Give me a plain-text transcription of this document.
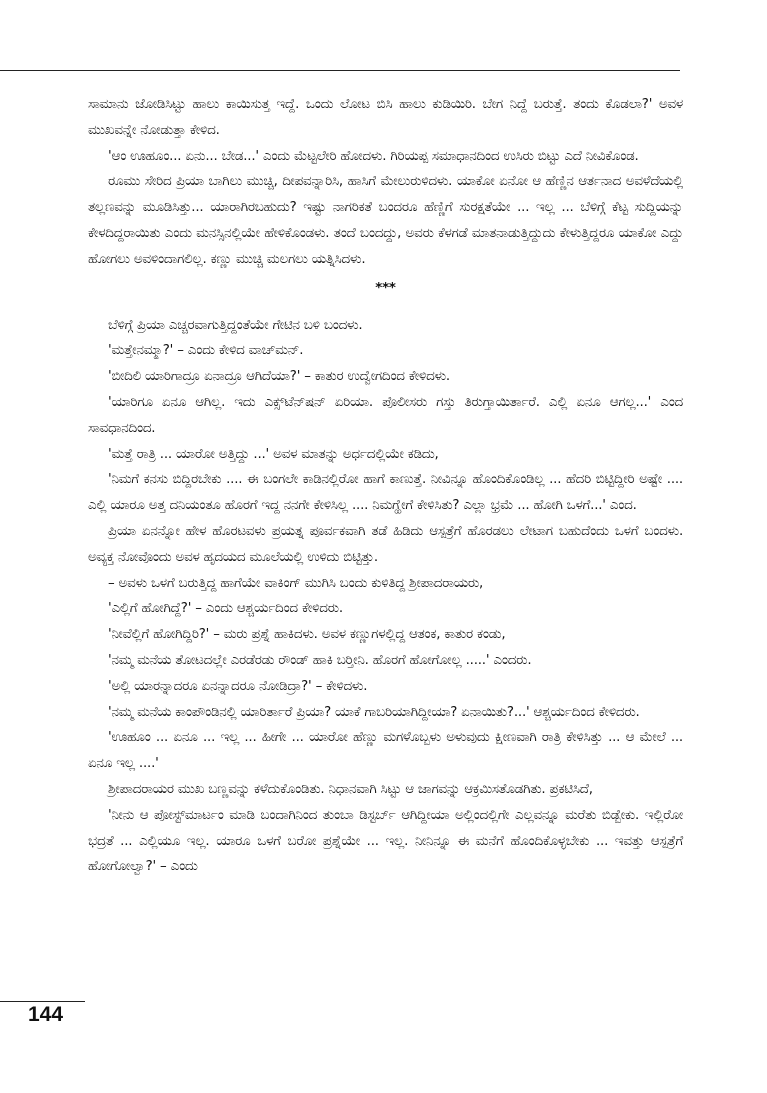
ಸಾಮಾನು ಜೋಡಿಸಿಟ್ಟು ಹಾಲು ಕಾಯಿಸುತ್ತ ಇದ್ದೆ. ಒಂದು ಲೋಟ ಬಿಸಿ ಹಾಲು ಕುಡಿಯಿರಿ. ಬೇಗ ನಿದ್ದೆ ಬರುತ್ತೆ. ತಂದು ಕೊಡಲಾ?' ಅವಳ ಮುಖವನ್ನೇ ನೋಡುತ್ತಾ ಕೇಳಿದ.

'ಆಂ ಊಹೂಂ... ಏನು... ಬೇಡ...' ಎಂದು ಮೆಟ್ಟಲೇರಿ ಹೋದಳು. ಗಿರಿಯಪ್ಪ ಸಮಾಧಾನದಿಂದ ಉಸಿರು ಬಿಟ್ಟು ಎದೆ ನೀವಿಕೊಂಡ.

ರೂಮು ಸೇರಿದ ಪ್ರಿಯಾ ಬಾಗಿಲು ಮುಚ್ಚಿ, ದೀಪವನ್ನಾರಿಸಿ, ಹಾಸಿಗೆ ಮೇಲುರುಳಿದಳು. ಯಾಕೋ ಏನೋ ಆ ಹೆಣ್ಣಿನ ಆರ್ತನಾದ ಅವಳೆದೆಯಲ್ಲಿ ತಲ್ಲಣವನ್ನು ಮೂಡಿಸಿತ್ತು... ಯಾರಾಗಿರಬಹುದು? ಇಷ್ಟು ನಾಗರಿಕತೆ ಬಂದರೂ ಹೆಣ್ಣಿಗೆ ಸುರಕ್ಷತೆಯೇ ... ಇಲ್ಲ ... ಬೆಳಿಗ್ಗೆ ಕೆಟ್ಟ ಸುದ್ದಿಯನ್ನು ಕೇಳದಿದ್ದರಾಯಿತು ಎಂದು ಮನಸ್ಸಿನಲ್ಲಿಯೇ ಹೇಳಿಕೊಂಡಳು. ತಂದೆ ಬಂದದ್ದು, ಅವರು ಕೆಳಗಡೆ ಮಾತನಾಡುತ್ತಿದ್ದುದು ಕೇಳುತ್ತಿದ್ದರೂ ಯಾಕೋ ಎದ್ದು ಹೋಗಲು ಅವಳಿಂದಾಗಲಿಲ್ಲ. ಕಣ್ಣು ಮುಚ್ಚಿ ಮಲಗಲು ಯತ್ನಿಸಿದಳು.

***

ಬೆಳಿಗ್ಗೆ ಪ್ರಿಯಾ ಎಚ್ಚರವಾಗುತ್ತಿದ್ದಂತೆಯೇ ಗೇಟಿನ ಬಳಿ ಬಂದಳು.

'ಮತ್ತೇನಮ್ಮಾ?' – ಎಂದು ಕೇಳಿದ ವಾಚ್‌ಮನ್.

'ಬೀದಿಲಿ ಯಾರಿಗಾದ್ರೂ ಏನಾದ್ರೂ ಆಗಿದೆಯಾ?' – ಕಾತುರ ಉದ್ವೇಗದಿಂದ ಕೇಳಿದಳು.

'ಯಾರಿಗೂ ಏನೂ ಆಗಿಲ್ಲ. ಇದು ಎಕ್ಸ್‌ಟೆನ್‌ಷನ್ ಏರಿಯಾ. ಪೊಲೀಸರು ಗಸ್ತು ತಿರುಗ್ತಾಯಿರ್ತಾರೆ. ಎಲ್ಲಿ ಏನೂ ಆಗಲ್ಲ...' ಎಂದ ಸಾವಧಾನದಿಂದ.

'ಮತ್ತೆ ರಾತ್ರಿ ... ಯಾರೋ ಅತ್ತಿದ್ದು ...' ಅವಳ ಮಾತನ್ನು ಅರ್ಧದಲ್ಲಿಯೇ ಕಡಿದು,

'ನಿಮಗೆ ಕನಸು ಬಿದ್ದಿರಬೇಕು .... ಈ ಬಂಗಲೇ ಕಾಡಿನಲ್ಲಿರೋ ಹಾಗೆ ಕಾಣುತ್ತೆ. ನೀವಿನ್ನೂ ಹೊಂದಿಕೊಂಡಿಲ್ಲ ... ಹೆದರಿ ಬಿಟ್ಟಿದ್ದೀರಿ ಅಷ್ಟೇ .... ಎಲ್ಲಿ ಯಾರೂ ಅತ್ತ ದನಿಯಂತೂ ಹೊರಗೆ ಇದ್ದ ನನಗೇ ಕೇಳಿಸಿಲ್ಲ .... ನಿಮಗ್ಹೇಗೆ ಕೇಳಿಸಿತು? ಎಲ್ಲಾ ಭ್ರಮೆ ... ಹೋಗಿ ಒಳಗೆ...' ಎಂದ.

ಪ್ರಿಯಾ ಏನನ್ನೋ ಹೇಳ ಹೊರಟವಳು ಪ್ರಯತ್ನ ಪೂರ್ವಕವಾಗಿ ತಡೆ ಹಿಡಿದು ಆಸ್ಪತ್ರೆಗೆ ಹೊರಡಲು ಲೇಟಾಗ ಬಹುದೆಂದು ಒಳಗೆ ಬಂದಳು. ಅವ್ಯಕ್ತ ನೋವೊಂದು ಅವಳ ಹೃದಯದ ಮೂಲೆಯಲ್ಲಿ ಉಳಿದು ಬಿಟ್ಟಿತ್ತು.

– ಅವಳು ಒಳಗೆ ಬರುತ್ತಿದ್ದ ಹಾಗೆಯೇ ವಾಕಿಂಗ್ ಮುಗಿಸಿ ಬಂದು ಕುಳಿತಿದ್ದ ಶ್ರೀಪಾದರಾಯರು,

'ಎಲ್ಲಿಗೆ ಹೋಗಿದ್ದೆ?' – ಎಂದು ಆಶ್ಚರ್ಯದಿಂದ ಕೇಳಿದರು.

'ನೀವೆಲ್ಲಿಗೆ ಹೋಗಿದ್ದಿರಿ?' – ಮರು ಪ್ರಶ್ನೆ ಹಾಕಿದಳು. ಅವಳ ಕಣ್ಣುಗಳಲ್ಲಿದ್ದ ಆತಂಕ, ಕಾತುರ ಕಂಡು,

'ನಮ್ಮ ಮನೆಯ ತೋಟದಲ್ಲೇ ಎರಡೆರಡು ರೌಂಡ್ ಹಾಕಿ ಬರ್‍ತೀನಿ. ಹೊರಗೆ ಹೋಗೋಲ್ಲ .....' ಎಂದರು.

'ಅಲ್ಲಿ ಯಾರನ್ನಾದರೂ ಏನನ್ನಾದರೂ ನೋಡಿದ್ರಾ?' – ಕೇಳಿದಳು.

'ನಮ್ಮ ಮನೆಯ ಕಾಂಪೌಂಡಿನಲ್ಲಿ ಯಾರಿರ್ತಾರೆ ಪ್ರಿಯಾ? ಯಾಕೆ ಗಾಬರಿಯಾಗಿದ್ದೀಯಾ? ಏನಾಯಿತು?...' ಆಶ್ಚರ್ಯದಿಂದ ಕೇಳಿದರು.

'ಊಹೂಂ ... ಏನೂ ... ಇಲ್ಲ ... ಹೀಗೇ ... ಯಾರೋ ಹೆಣ್ಣು ಮಗಳೊಬ್ಬಳು ಅಳುವುದು ಕ್ಷೀಣವಾಗಿ ರಾತ್ರಿ ಕೇಳಿಸಿತ್ತು ... ಆ ಮೇಲೆ ... ಏನೂ ಇಲ್ಲ ....'

ಶ್ರೀಪಾದರಾಯರ ಮುಖ ಬಣ್ಣವನ್ನು ಕಳೆದುಕೊಂಡಿತು. ನಿಧಾನವಾಗಿ ಸಿಟ್ಟು ಆ ಜಾಗವನ್ನು ಆಕ್ರಮಿಸತೊಡಗಿತು. ಪ್ರಕಟಿಸಿದೆ,

'ನೀನು ಆ ಪೋಸ್ಟ್‌ಮಾರ್ಟಂ ಮಾಡಿ ಬಂದಾಗಿನಿಂದ ತುಂಬಾ ಡಿಸ್ಟರ್ಬ್ ಆಗಿದ್ದೀಯಾ ಅಲ್ಲಿಂದಲ್ಲಿಗೇ ಎಲ್ಲವನ್ನೂ ಮರೆತು ಬಿಡ್ಬೇಕು. ಇಲ್ಲಿರೋ ಭದ್ರತೆ ... ಎಲ್ಲಿಯೂ ಇಲ್ಲ. ಯಾರೂ ಒಳಗೆ ಬರೋ ಪ್ರಶ್ನೆಯೇ ... ಇಲ್ಲ. ನೀನಿನ್ನೂ ಈ ಮನೆಗೆ ಹೊಂದಿಕೊಳ್ಳಬೇಕು ... ಇವತ್ತು ಆಸ್ಪತ್ರೆಗೆ ಹೋಗೋಲ್ವಾ?' – ಎಂದು

144
